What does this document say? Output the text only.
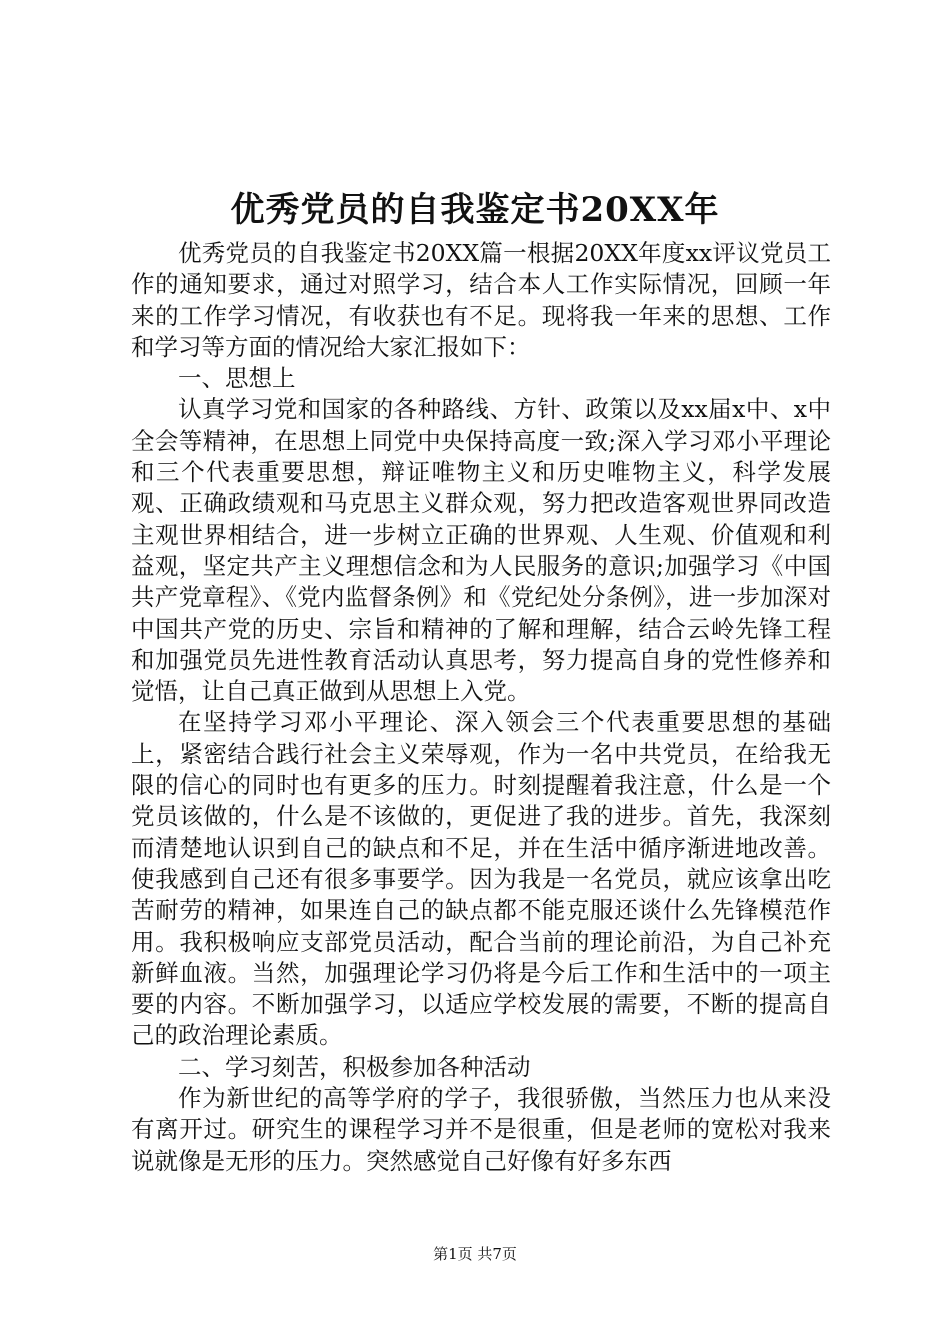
优秀党员的自我鉴定书20XX年

优秀党员的自我鉴定书20XX篇一根据20XX年度xx评议党员工作的通知要求，通过对照学习，结合本人工作实际情况，回顾一年来的工作学习情况，有收获也有不足。现将我一年来的思想、工作和学习等方面的情况给大家汇报如下：

一、思想上

认真学习党和国家的各种路线、方针、政策以及xx届x中、x中全会等精神，在思想上同党中央保持高度一致;深入学习邓小平理论和三个代表重要思想，辩证唯物主义和历史唯物主义，科学发展观、正确政绩观和马克思主义群众观，努力把改造客观世界同改造主观世界相结合，进一步树立正确的世界观、人生观、价值观和利益观，坚定共产主义理想信念和为人民服务的意识;加强学习《中国共产党章程》、《党内监督条例》和《党纪处分条例》，进一步加深对中国共产党的历史、宗旨和精神的了解和理解，结合云岭先锋工程和加强党员先进性教育活动认真思考，努力提高自身的党性修养和觉悟，让自己真正做到从思想上入党。

在坚持学习邓小平理论、深入领会三个代表重要思想的基础上，紧密结合践行社会主义荣辱观，作为一名中共党员，在给我无限的信心的同时也有更多的压力。时刻提醒着我注意，什么是一个党员该做的，什么是不该做的，更促进了我的进步。首先，我深刻而清楚地认识到自己的缺点和不足，并在生活中循序渐进地改善。使我感到自己还有很多事要学。因为我是一名党员，就应该拿出吃苦耐劳的精神，如果连自己的缺点都不能克服还谈什么先锋模范作用。我积极响应支部党员活动，配合当前的理论前沿，为自己补充新鲜血液。当然，加强理论学习仍将是今后工作和生活中的一项主要的内容。不断加强学习，以适应学校发展的需要，不断的提高自己的政治理论素质。

二、学习刻苦，积极参加各种活动

作为新世纪的高等学府的学子，我很骄傲，当然压力也从来没有离开过。研究生的课程学习并不是很重，但是老师的宽松对我来说就像是无形的压力。突然感觉自己好像有好多东西

第1页 共7页
